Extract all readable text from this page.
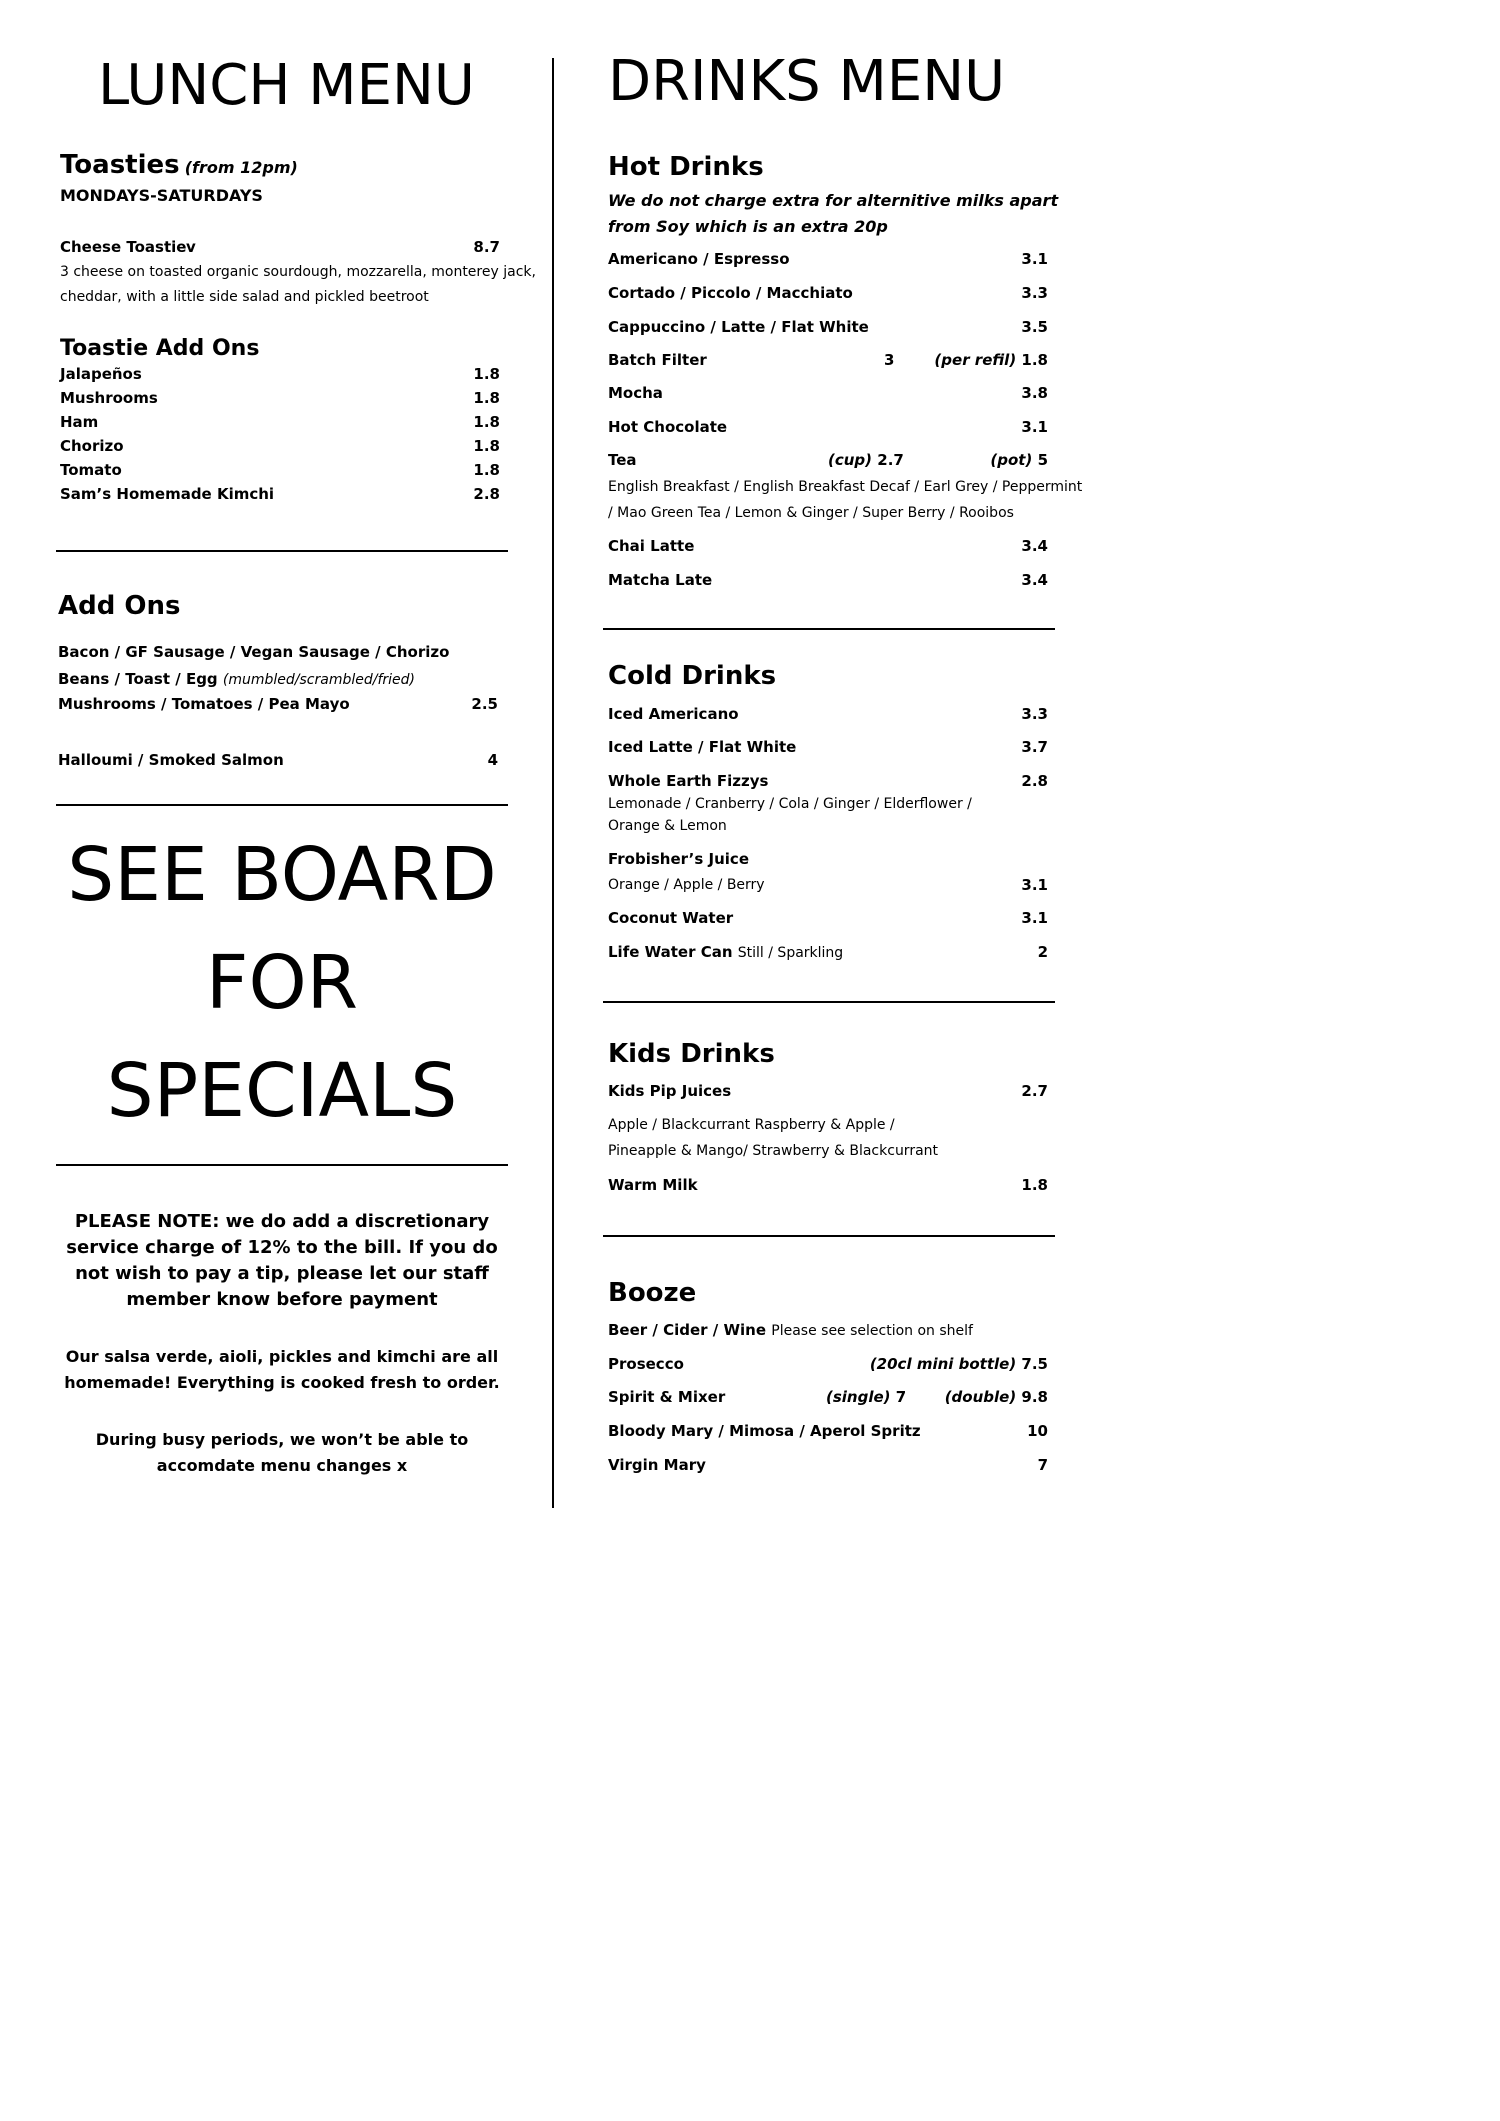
LUNCH MENU
Toasties (from 12pm)
MONDAYS-SATURDAYS
Cheese Toastie v	8.7
3 cheese on toasted organic sourdough, mozzarella, monterey jack,
cheddar, with a little side salad and pickled beetroot
Toastie Add Ons
Jalapeños	1.8
Mushrooms	1.8
Ham	1.8
Chorizo	1.8
Tomato	1.8
Sam’s Homemade Kimchi	2.8
Add Ons
Bacon / GF Sausage / Vegan Sausage / Chorizo
Beans / Toast / Egg (mumbled/scrambled/fried)
Mushrooms / Tomatoes / Pea Mayo	2.5
Halloumi / Smoked Salmon	4
SEE BOARD
FOR
SPECIALS
PLEASE NOTE: we do add a discretionary service charge of 12% to the bill. If you do not wish to pay a tip, please let our staff member know before payment
Our salsa verde, aioli, pickles and kimchi are all homemade! Everything is cooked fresh to order.
During busy periods, we won’t be able to accomdate menu changes x
DRINKS MENU
Hot Drinks
We do not charge extra for alternitive milks apart
from Soy which is an extra 20p
Americano / Espresso	3.1
Cortado / Piccolo / Macchiato	3.3
Cappuccino / Latte / Flat White	3.5
Batch Filter	3	(per refil) 1.8
Mocha	3.8
Hot Chocolate	3.1
Tea	(cup) 2.7	(pot) 5
English Breakfast / English Breakfast Decaf / Earl Grey / Peppermint
/ Mao Green Tea / Lemon & Ginger / Super Berry / Rooibos
Chai Latte	3.4
Matcha Late	3.4
Cold Drinks
Iced Americano	3.3
Iced Latte / Flat White	3.7
Whole Earth Fizzys	2.8
Lemonade / Cranberry / Cola / Ginger / Elderflower /
Orange & Lemon
Frobisher’s Juice
Orange / Apple / Berry	3.1
Coconut Water	3.1
Life Water Can Still / Sparkling	2
Kids Drinks
Kids Pip Juices	2.7
Apple / Blackcurrant Raspberry & Apple /
Pineapple & Mango/ Strawberry & Blackcurrant
Warm Milk	1.8
Booze
Beer / Cider / Wine Please see selection on shelf
Prosecco	(20cl mini bottle) 7.5
Spirit & Mixer	(single) 7	(double) 9.8
Bloody Mary / Mimosa / Aperol Spritz	10
Virgin Mary	7
